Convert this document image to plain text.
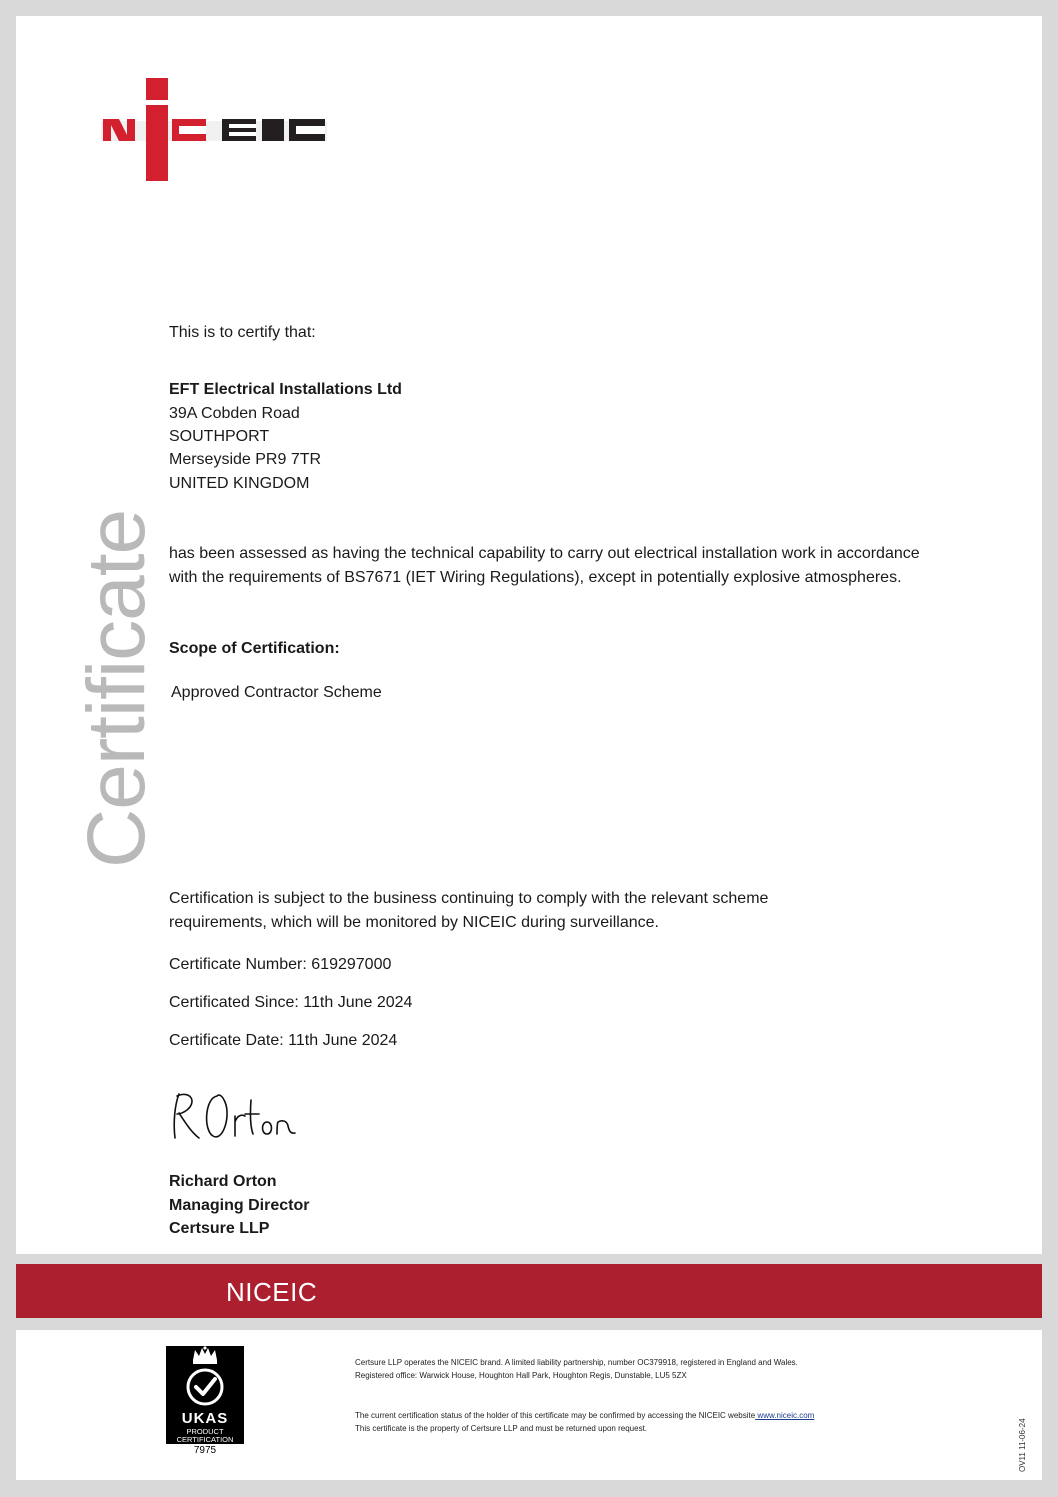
Certificate
This is to certify that:
EFT Electrical Installations Ltd
39A Cobden Road
SOUTHPORT
Merseyside PR9 7TR
UNITED KINGDOM
has been assessed as having the technical capability to carry out electrical installation work in accordance with the requirements of BS7671 (IET Wiring Regulations), except in potentially explosive atmospheres.
Scope of Certification:
Approved Contractor Scheme
Certification is subject to the business continuing to comply with the relevant scheme requirements, which will be monitored by NICEIC during surveillance.
Certificate Number: 619297000
Certificated Since: 11th June 2024
Certificate Date: 11th June 2024
Richard Orton
Managing Director
Certsure LLP
NICEIC
UKAS
PRODUCT
CERTIFICATION
7975
Certsure LLP operates the NICEIC brand. A limited liability partnership, number OC379918, registered in England and Wales.
Registered office: Warwick House, Houghton Hall Park, Houghton Regis, Dunstable, LU5 5ZX
The current certification status of the holder of this certificate may be confirmed by accessing the NICEIC website www.niceic.com
This certificate is the property of Certsure LLP and must be returned upon request.	OV11 11-06-24
